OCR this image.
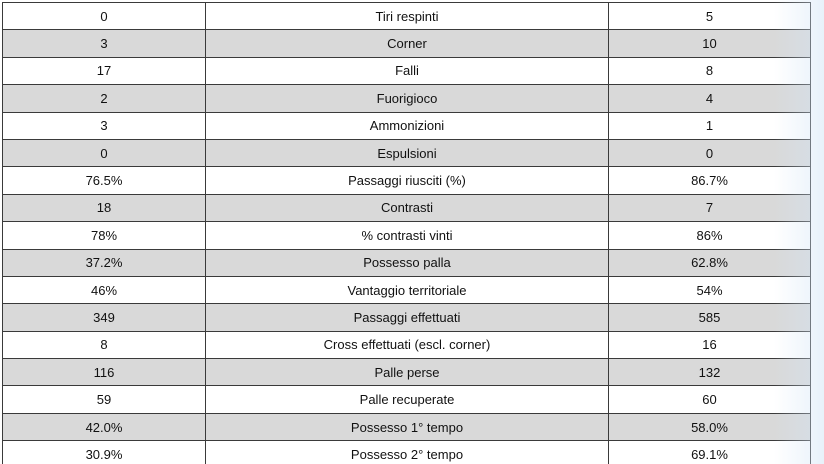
0	Tiri respinti	5
3	Corner	10
17	Falli	8
2	Fuorigioco	4
3	Ammonizioni	1
0	Espulsioni	0
76.5%	Passaggi riusciti (%)	86.7%
18	Contrasti	7
78%	% contrasti vinti	86%
37.2%	Possesso palla	62.8%
46%	Vantaggio territoriale	54%
349	Passaggi effettuati	585
8	Cross effettuati (escl. corner)	16
116	Palle perse	132
59	Palle recuperate	60
42.0%	Possesso 1° tempo	58.0%
30.9%	Possesso 2° tempo	69.1%
